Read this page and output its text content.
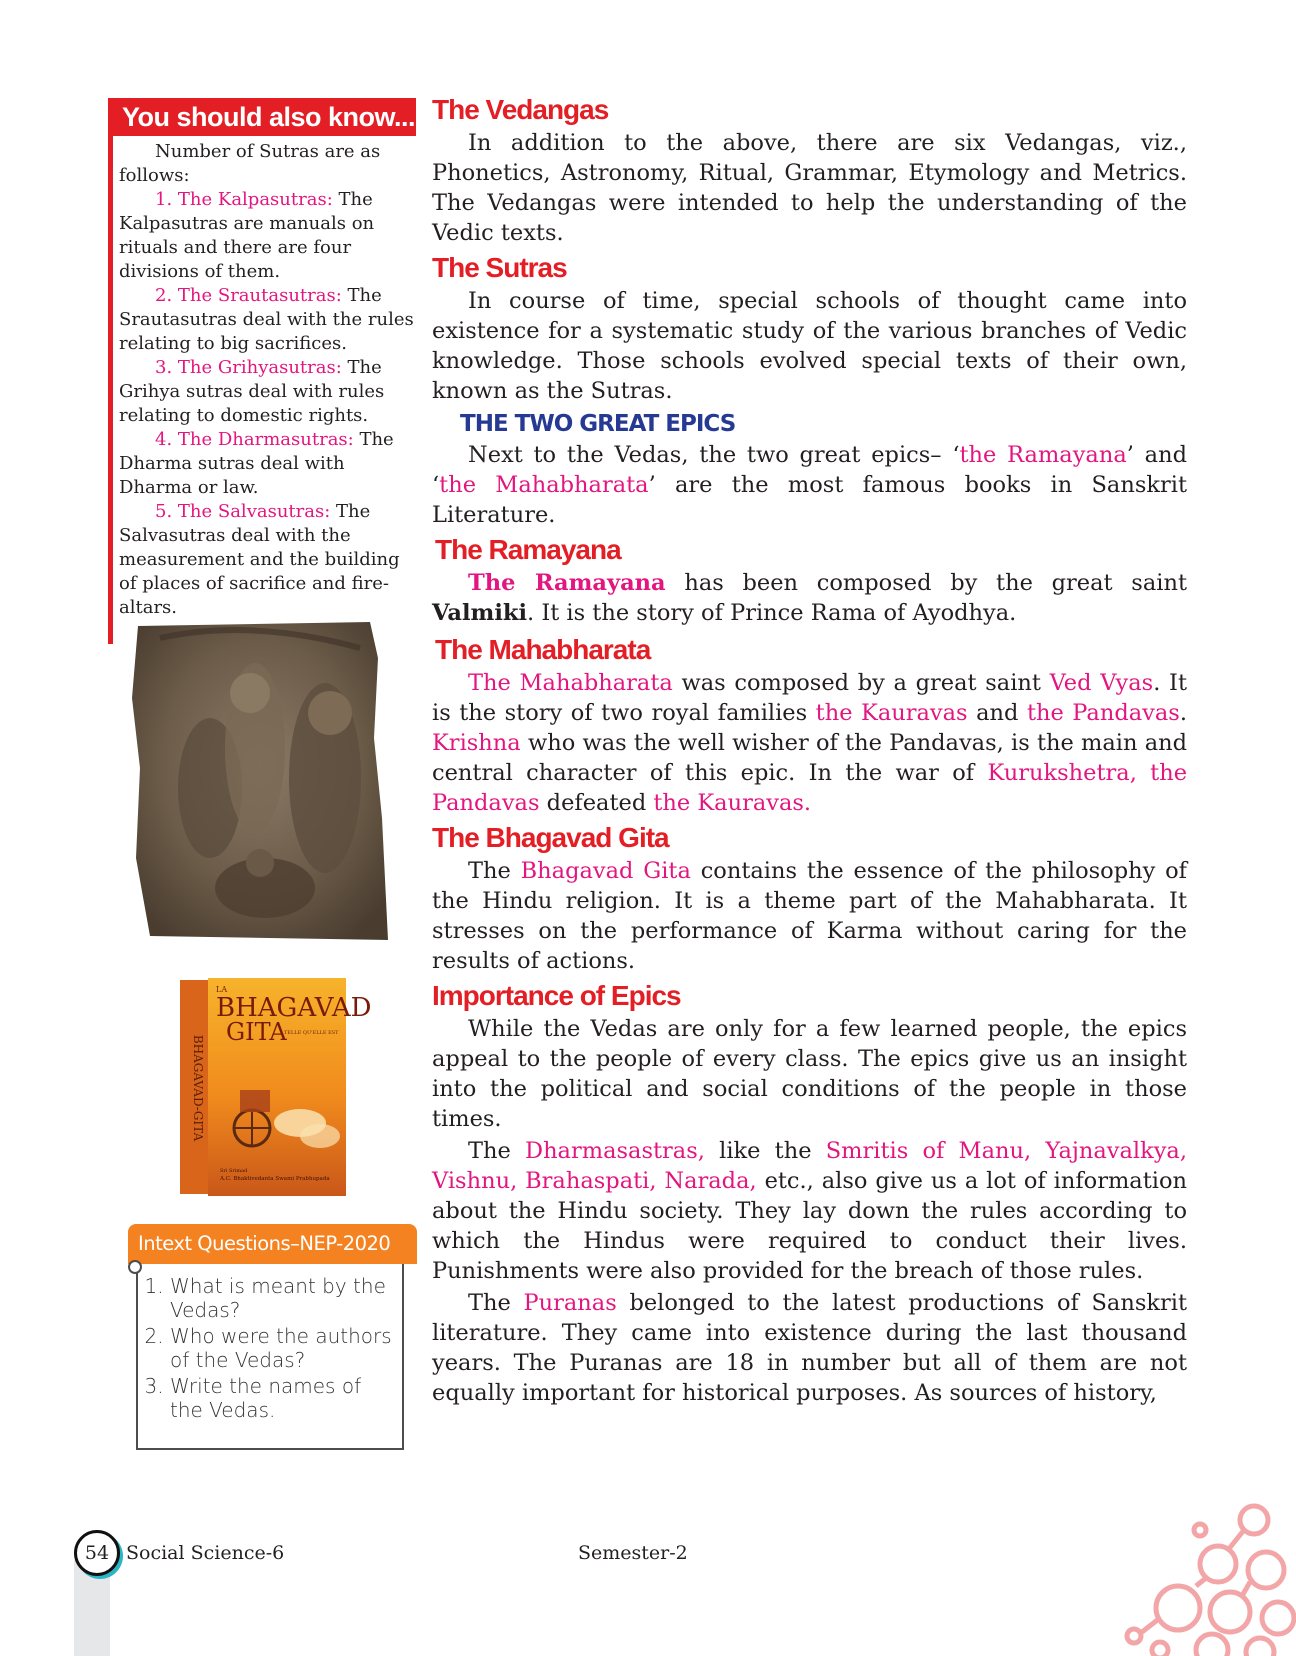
You should also know...

Number of Sutras are as follows:

1. The Kalpasutras: The Kalpasutras are manuals on rituals and there are four divisions of them.

2. The Srautasutras: The Srautasutras deal with the rules relating to big sacrifices.

3. The Grihyasutras: The Grihya sutras deal with rules relating to domestic rights.

4. The Dharmasutras: The Dharma sutras deal with Dharma or law.

5. The Salvasutras: The Salvasutras deal with the measurement and the building of places of sacrifice and fire-altars.

BHAGAVAD-GITA
LA
BHAGAVAD
GITA
TELLE QU'ELLE EST
Sri Srimad
A.C. Bhaktivedanta Swami Prabhupada
Intext Questions–NEP-2020
1. What is meant by the Vedas?
2. Who were the authors of the Vedas?
3. Write the names of the Vedas.
The Vedangas

In addition to the above, there are six Vedangas, viz., Phonetics, Astronomy, Ritual, Grammar, Etymology and Metrics. The Vedangas were intended to help the understanding of the Vedic texts.

The Sutras

In course of time, special schools of thought came into existence for a systematic study of the various branches of Vedic knowledge. Those schools evolved special texts of their own, known as the Sutras.

THE TWO GREAT EPICS

Next to the Vedas, the two great epics– ‘the Ramayana’ and ‘the Mahabharata’ are the most famous books in Sanskrit Literature.

The Ramayana

The Ramayana has been composed by the great saint Valmiki. It is the story of Prince Rama of Ayodhya.

The Mahabharata

The Mahabharata was composed by a great saint Ved Vyas. It is the story of two royal families the Kauravas and the Pandavas. Krishna who was the well wisher of the Pandavas, is the main and central character of this epic. In the war of Kurukshetra, the Pandavas defeated the Kauravas.

The Bhagavad Gita

The Bhagavad Gita contains the essence of the philosophy of the Hindu religion. It is a theme part of the Mahabharata. It stresses on the performance of Karma without caring for the results of actions.

Importance of Epics

While the Vedas are only for a few learned people, the epics appeal to the people of every class. The epics give us an insight into the political and social conditions of the people in those times.

The Dharmasastras, like the Smritis of Manu, Yajnavalkya, Vishnu, Brahaspati, Narada, etc., also give us a lot of information about the Hindu society. They lay down the rules according to which the Hindus were required to conduct their lives. Punishments were also provided for the breach of those rules.

The Puranas belonged to the latest productions of Sanskrit literature. They came into existence during the last thousand years. The Puranas are 18 in number but all of them are not equally important for historical purposes. As sources of history,

54 Social Science-6	Semester-2
